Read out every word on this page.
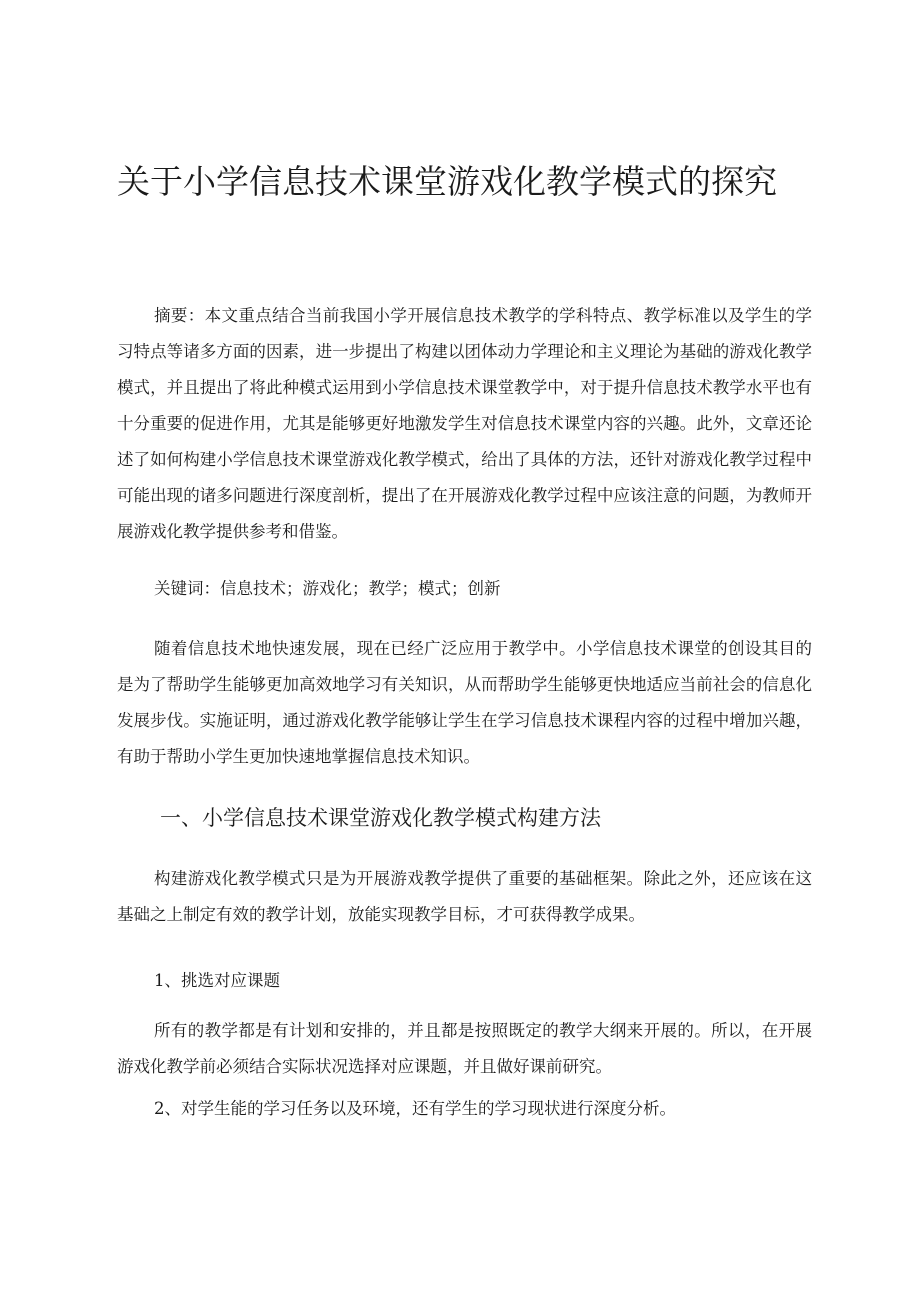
关于小学信息技术课堂游戏化教学模式的探究

摘要：本文重点结合当前我国小学开展信息技术教学的学科特点、教学标准以及学生的学习特点等诸多方面的因素，进一步提出了构建以团体动力学理论和主义理论为基础的游戏化教学模式，并且提出了将此种模式运用到小学信息技术课堂教学中，对于提升信息技术教学水平也有十分重要的促进作用，尤其是能够更好地激发学生对信息技术课堂内容的兴趣。此外，文章还论述了如何构建小学信息技术课堂游戏化教学模式，给出了具体的方法，还针对游戏化教学过程中可能出现的诸多问题进行深度剖析，提出了在开展游戏化教学过程中应该注意的问题，为教师开展游戏化教学提供参考和借鉴。

关键词：信息技术；游戏化；教学；模式；创新

随着信息技术地快速发展，现在已经广泛应用于教学中。小学信息技术课堂的创设其目的是为了帮助学生能够更加高效地学习有关知识，从而帮助学生能够更快地适应当前社会的信息化发展步伐。实施证明，通过游戏化教学能够让学生在学习信息技术课程内容的过程中增加兴趣，有助于帮助小学生更加快速地掌握信息技术知识。

一、小学信息技术课堂游戏化教学模式构建方法

构建游戏化教学模式只是为开展游戏教学提供了重要的基础框架。除此之外，还应该在这基础之上制定有效的教学计划，放能实现教学目标，才可获得教学成果。

1、挑选对应课题

所有的教学都是有计划和安排的，并且都是按照既定的教学大纲来开展的。所以，在开展游戏化教学前必须结合实际状况选择对应课题，并且做好课前研究。

2、对学生能的学习任务以及环境，还有学生的学习现状进行深度分析。
